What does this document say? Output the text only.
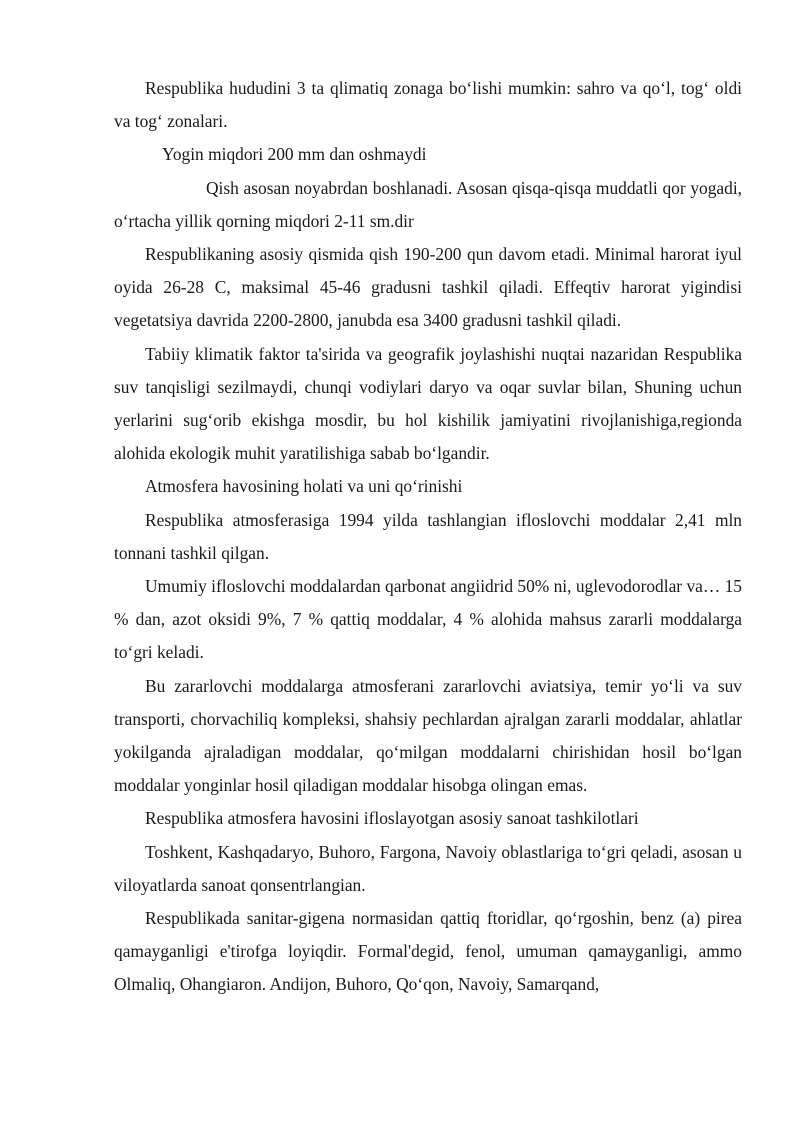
Respublika hududini 3 ta qlimatiq zonaga bo‘lishi mumkin: sahro va qo‘l, tog‘ oldi va tog‘ zonalari.

Yogin miqdori 200 mm dan oshmaydi

Qish asosan noyabrdan boshlanadi. Asosan qisqa-qisqa muddatli qor yogadi, o‘rtacha yillik qorning miqdori 2-11 sm.dir

Respublikaning asosiy qismida qish 190-200 qun davom etadi. Minimal harorat iyul oyida 26-28 C, maksimal 45-46 gradusni tashkil qiladi. Effeqtiv harorat yigindisi vegetatsiya davrida 2200-2800, janubda esa 3400 gradusni tashkil qiladi.

Tabiiy klimatik faktor ta'sirida va geografik joylashishi nuqtai nazaridan Respublika suv tanqisligi sezilmaydi, chunqi vodiylari daryo va oqar suvlar bilan, Shuning uchun yerlarini sug‘orib ekishga mosdir, bu hol kishilik jamiyatini rivojlanishiga,regionda alohida ekologik muhit yaratilishiga sabab bo‘lgandir.

Atmosfera havosining holati va uni qo‘rinishi

Respublika atmosferasiga 1994 yilda tashlangian ifloslovchi moddalar 2,41 mln tonnani tashkil qilgan.

Umumiy ifloslovchi moddalardan qarbonat angiidrid 50% ni, uglevodorodlar va… 15 % dan, azot oksidi 9%, 7 % qattiq moddalar, 4 % alohida mahsus zararli moddalarga to‘gri keladi.

Bu zararlovchi moddalarga atmosferani zararlovchi aviatsiya, temir yo‘li va suv transporti, chorvachiliq kompleksi, shahsiy pechlardan ajralgan zararli moddalar, ahlatlar yokilganda ajraladigan moddalar, qo‘milgan moddalarni chirishidan hosil bo‘lgan moddalar yonginlar hosil qiladigan moddalar hisobga olingan emas.

Respublika atmosfera havosini ifloslayotgan asosiy sanoat tashkilotlari

Toshkent, Kashqadaryo, Buhoro, Fargona, Navoiy oblastlariga to‘gri qeladi, asosan u viloyatlarda sanoat qonsentrlangian.

Respublikada sanitar-gigena normasidan qattiq ftoridlar, qo‘rgoshin, benz (a) pirea qamayganligi e'tirofga loyiqdir. Formal'degid, fenol, umuman qamayganligi, ammo Olmaliq, Ohangiaron. Andijon, Buhoro, Qo‘qon, Navoiy, Samarqand,
